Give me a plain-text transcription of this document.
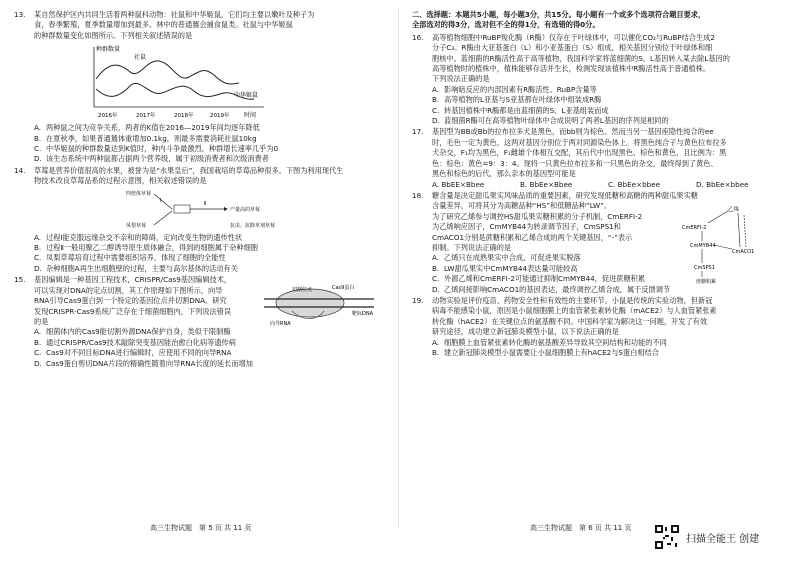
13. 某自然保护区内共同生活着两种鼠科动物：社鼠和中华姬鼠，它们均主要以嫩叶及种子为
食，春季繁殖，夏季数量增加到最多。林中的普通鵟会捕食鼠类。社鼠与中华姬鼠
的种群数量变化如图所示。下列相关叙述错误的是
种群数量
时间
社鼠
中华姬鼠
2016年	2017年	2018年	2019年
A. 两种鼠之间为竞争关系，两者的K值在2016—2019年间均逐年降低
B. 在夏秋季，如果普通鵟体重增加0.1kg，则最多需要消耗社鼠10kg
C. 中华姬鼠的种群数量达到K值时，种内斗争最激烈，种群增长速率几乎为0
D. 该生态系统中两种鼠都占据两个营养级，属于初级消费者和次级消费者
14. 草莓是营养价值很高的水果，被誉为是“水果皇后”，我国栽培的草莓品种很多。下图为利用现代生
物技术改良草莓品系的过程示意图，相关叙述错误的是
四倍体草莓
凤梨草莓
Ⅰ	Ⅱ
产量高的草莓
抗虫、抗除草剂草莓
A. 过程Ⅰ能克服远缘杂交不亲和的障碍，定向改变生物的遗传性状
B. 过程Ⅱ一般用聚乙二醇诱导原生质体融合，得到的细胞属于杂种细胞
C. 凤梨草莓培育过程中需要组织培养，体现了细胞的全能性
D. 杂种细胞A再生出细胞壁的过程，主要与高尔基体的活动有关
15. 基因编辑是一种基因工程技术，CRISPR/Cas9基因编辑技术，
可以实现对DNA的定点切割，其工作原理如下图所示，向导
RNA引导Cas9蛋白到一个特定的基因位点并切割DNA。研究
发现CRISPR-Cas9系统广泛存在于细菌细胞内，下列说法错误
的是
Cas9蛋白
靶标DNA
向导RNA
切割位点
A. 细菌体内的Cas9能切割外源DNA保护自身，类似于限制酶
B. 通过CRISPR/Cas9技术敲除突变基因能治愈白化病等遗传病
C. Cas9对不同目标DNA进行编辑时，应使用不同的向导RNA
D. Cas9蛋白剪切DNA片段的精确性随着向导RNA长度的延长而增加
高三生物试题　第 5 页 共 11 页
二、选择题：本题共5小题，每小题3分，共15分。每小题有一个或多个选项符合题目要求，
全部选对的得3分，选对但不全的得1分，有选错的得0分。
16. 高等植物细胞中RuBP羧化酶（R酶）仅存在于叶绿体中，可以催化CO₂与RuBP结合生成2
分子C₃。R酶由大亚基蛋白（L）和小亚基蛋白（S）组成，相关基因分别位于叶绿体和细
胞核中。蓝细菌的R酶活性高于高等植物，我国科学家将蓝细菌的S、L基因转入某去除L基因的
高等植物时的植株中，植株能够存活并生长，检测发现该植株中R酶活性高于普通植株。
下列说法正确的是
A. 影响暗反应的内部因素有R酶活性、RuBP含量等
B. 高等植物的L亚基与S亚基都在叶绿体中组装成R酶
C. 转基因植株中R酶都是由蓝细菌的S、L亚基组装而成
D. 蓝细菌R酶可在高等植物叶绿体中合成说明了两者L基因的序列是相同的
17. 基因型为BB或Bb的拉布拉多犬是黑色，而bb则为棕色。然而当另一基因座隐性纯合的ee
时，毛色一定为黄色，这两对基因分别位于两对同源染色体上。将黑色纯合子与黄色拉布拉多
犬杂交，F₁均为黑色，F₁雌雄个体相互交配，其后代中出现黑色、棕色和黄色，且比例为：黑
色：棕色：黄色=9：3：4。现将一只黄色拉布拉多和一只黑色的杂交，最终得到了黄色、
黑色和棕色的后代，那么亲本的基因型可能是
A. BbEE×Bbee	B. BbEe×Bbee	C. BbEe×bbee	D. BbEe×bbee
18. 糖含量是决定甜瓜果实风味品质的重要因素，研究发现低糖和高糖的两种甜瓜果实糖
含量差异，可将其分为高糖品种“HS”和低糖品种“LW”。
为了研究乙烯参与调控HS甜瓜果实糖积累的分子机制，CmERFI-2
为乙烯响应因子，CmMYB44为转录调节因子，CmSPS1和
CmACO1分别是蔗糖积累和乙烯合成的两个关键基因，“-”表示
抑制。下列说法正确的是
乙烯
CmERFI-2
CmMYB44
CmACO1
CmSPS1
蔗糖积累
A. 乙烯只在成熟果实中合成，可促进果实脱落
B. LW甜瓜果实中CmMYB44表达量可能较高
C. 外源乙烯和CmERFI-2可能通过抑制CmMYB44，促进蔗糖积累
D. 乙烯间接影响CmACO1的基因表达，最终调控乙烯合成，属于反馈调节
19. 动物实验是评价疫苗、药物安全性和有效性的主要环节。小鼠是传统的实验动物，但新冠
病毒不能感染小鼠，原因是小鼠细胞膜上的血管紧张素转化酶（mACE2）与人血管紧张素
转化酶（hACE2）在关键位点的氨基酸不同。中国科学家为解决这一问题，开发了有效
研究途径，成功建立新冠肺炎模型小鼠，以下说法正确的是
A. 细胞膜上血管紧张素转化酶的氨基酸差异导致其空间结构和功能的不同
B. 建立新冠肺炎模型小鼠需要让小鼠细胞膜上有hACE2与S蛋白相结合
高三生物试题　第 6 页 共 11 页
扫描全能王 创建
